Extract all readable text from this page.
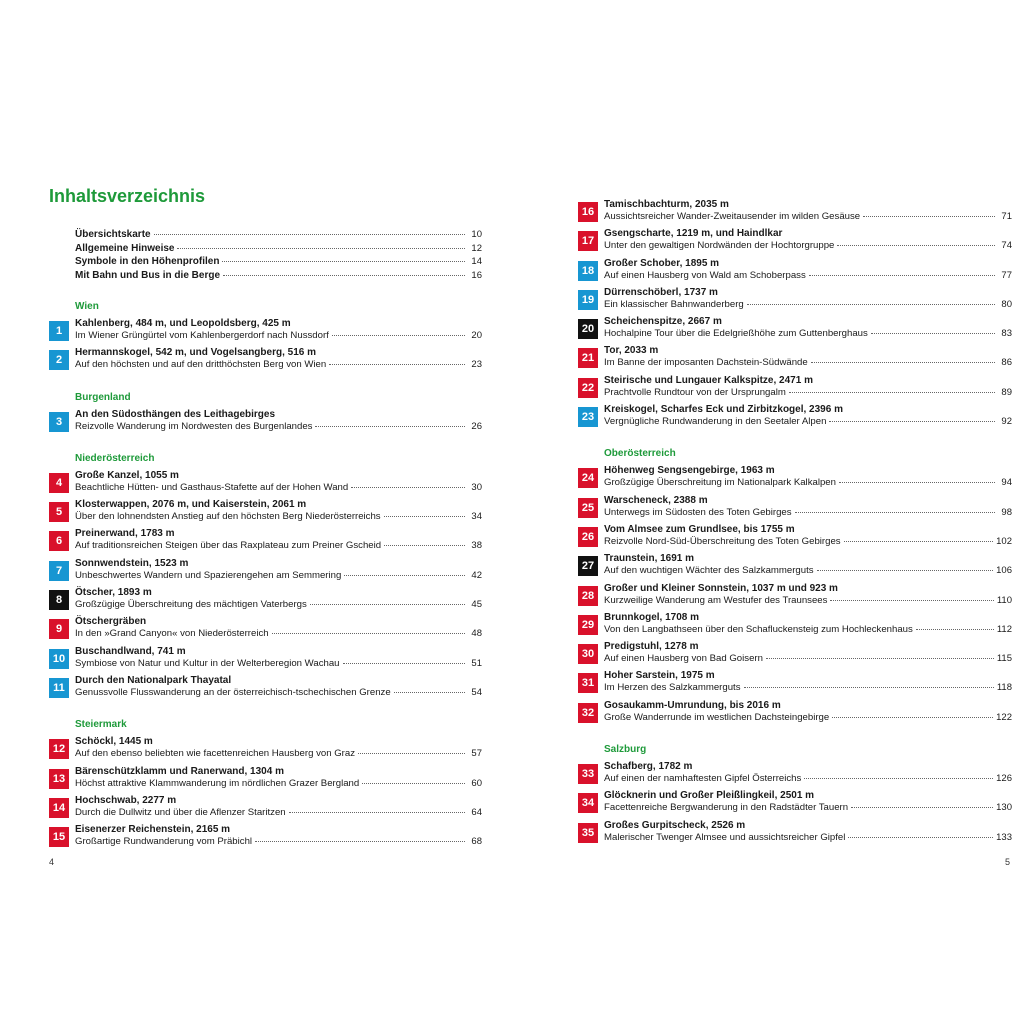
Inhaltsverzeichnis
Übersichtskarte	10
Allgemeine Hinweise	12
Symbole in den Höhenprofilen	14
Mit Bahn und Bus in die Berge	16
Wien
1
Kahlenberg, 484 m, und Leopoldsberg, 425 m
Im Wiener Grüngürtel vom Kahlenbergerdorf nach Nussdorf	20
2
Hermannskogel, 542 m, und Vogelsangberg, 516 m
Auf den höchsten und auf den dritthöchsten Berg von Wien	23
Burgenland
3
An den Südosthängen des Leithagebirges
Reizvolle Wanderung im Nordwesten des Burgenlandes	26
Niederösterreich
4
Große Kanzel, 1055 m
Beachtliche Hütten- und Gasthaus-Stafette auf der Hohen Wand	30
5
Klosterwappen, 2076 m, und Kaiserstein, 2061 m
Über den lohnendsten Anstieg auf den höchsten Berg Niederösterreichs	34
6
Preinerwand, 1783 m
Auf traditionsreichen Steigen über das Raxplateau zum Preiner Gscheid	38
7
Sonnwendstein, 1523 m
Unbeschwertes Wandern und Spazierengehen am Semmering	42
8
Ötscher, 1893 m
Großzügige Überschreitung des mächtigen Vaterbergs	45
9
Ötschergräben
In den »Grand Canyon« von Niederösterreich	48
10
Buschandlwand, 741 m
Symbiose von Natur und Kultur in der Welterberegion Wachau	51
11
Durch den Nationalpark Thayatal
Genussvolle Flusswanderung an der österreichisch-tschechischen Grenze	54
Steiermark
12
Schöckl, 1445 m
Auf den ebenso beliebten wie facettenreichen Hausberg von Graz	57
13
Bärenschützklamm und Ranerwand, 1304 m
Höchst attraktive Klammwanderung im nördlichen Grazer Bergland	60
14
Hochschwab, 2277 m
Durch die Dullwitz und über die Aflenzer Staritzen	64
15
Eisenerzer Reichenstein, 2165 m
Großartige Rundwanderung vom Präbichl	68
16
Tamischbachturm, 2035 m
Aussichtsreicher Wander-Zweitausender im wilden Gesäuse	71
17
Gsengscharte, 1219 m, und Haindlkar
Unter den gewaltigen Nordwänden der Hochtorgruppe	74
18
Großer Schober, 1895 m
Auf einen Hausberg von Wald am Schoberpass	77
19
Dürrenschöberl, 1737 m
Ein klassischer Bahnwanderberg	80
20
Scheichenspitze, 2667 m
Hochalpine Tour über die Edelgrießhöhe zum Guttenberghaus	83
21
Tor, 2033 m
Im Banne der imposanten Dachstein-Südwände	86
22
Steirische und Lungauer Kalkspitze, 2471 m
Prachtvolle Rundtour von der Ursprungalm	89
23
Kreiskogel, Scharfes Eck und Zirbitzkogel, 2396 m
Vergnügliche Rundwanderung in den Seetaler Alpen	92
Oberösterreich
24
Höhenweg Sengsengebirge, 1963 m
Großzügige Überschreitung im Nationalpark Kalkalpen	94
25
Warscheneck, 2388 m
Unterwegs im Südosten des Toten Gebirges	98
26
Vom Almsee zum Grundlsee, bis 1755 m
Reizvolle Nord-Süd-Überschreitung des Toten Gebirges	102
27
Traunstein, 1691 m
Auf den wuchtigen Wächter des Salzkammerguts	106
28
Großer und Kleiner Sonnstein, 1037 m und 923 m
Kurzweilige Wanderung am Westufer des Traunsees	110
29
Brunnkogel, 1708 m
Von den Langbathseen über den Schafluckensteig zum Hochleckenhaus	112
30
Predigstuhl, 1278 m
Auf einen Hausberg von Bad Goisern	115
31
Hoher Sarstein, 1975 m
Im Herzen des Salzkammerguts	118
32
Gosaukamm-Umrundung, bis 2016 m
Große Wanderrunde im westlichen Dachsteingebirge	122
Salzburg
33
Schafberg, 1782 m
Auf einen der namhaftesten Gipfel Österreichs	126
34
Glöcknerin und Großer Pleißlingkeil, 2501 m
Facettenreiche Bergwanderung in den Radstädter Tauern	130
35
Großes Gurpitscheck, 2526 m
Malerischer Twenger Almsee und aussichtsreicher Gipfel	133
4	5
